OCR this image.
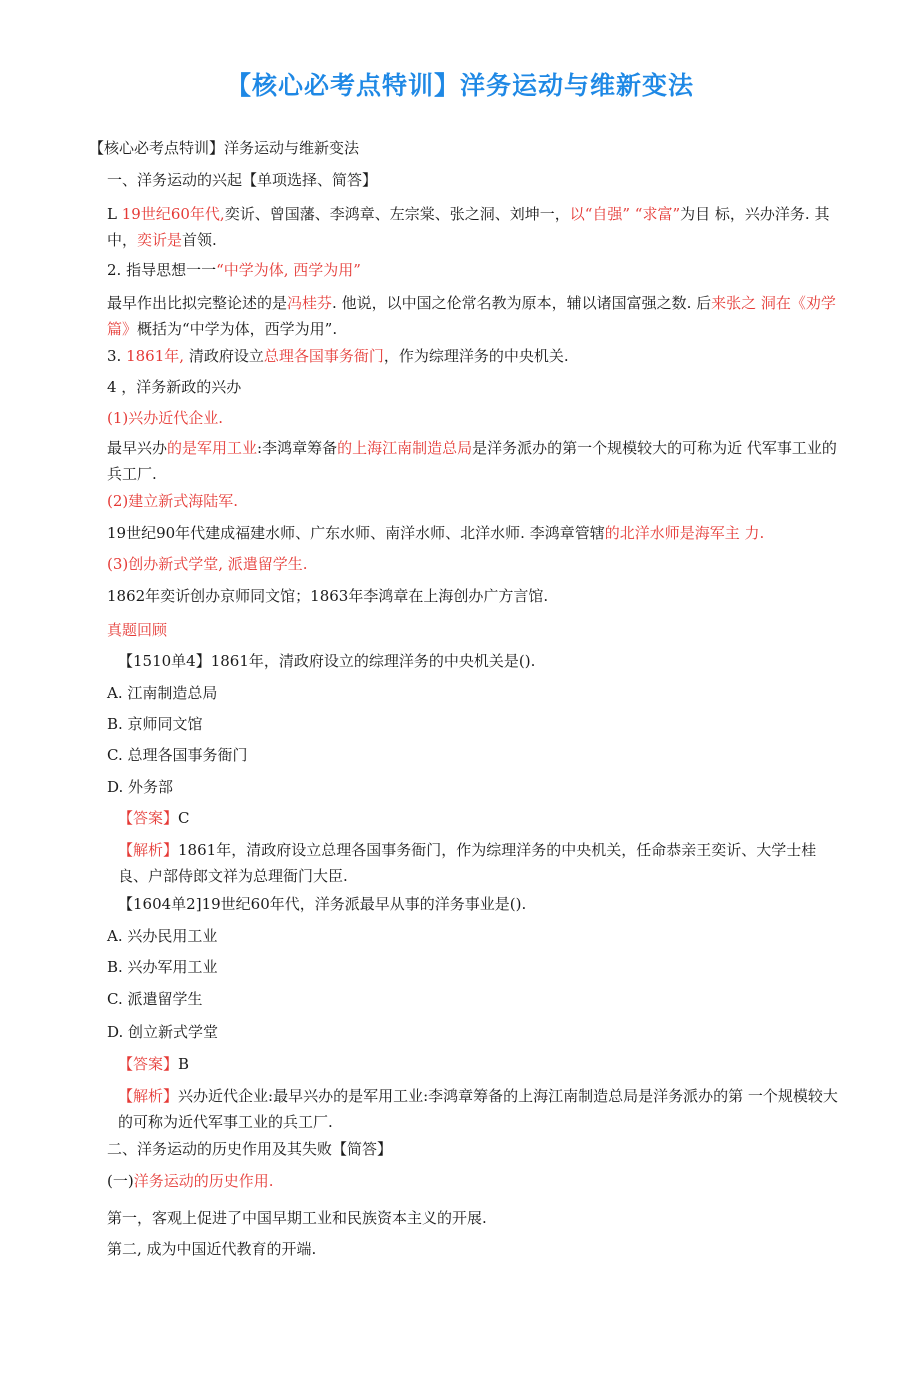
【核心必考点特训】洋务运动与维新变法
【核心必考点特训】洋务运动与维新变法
一、洋务运动的兴起【单项选择、简答】
L 19世纪60年代,奕䜣、曾国藩、李鸿章、左宗棠、张之洞、刘坤一，以“自强” “求富”为目 标，兴办洋务. 其中，奕䜣是首领.
2. 指导思想一一“中学为体, 西学为用”
最早作出比拟完整论述的是冯桂芬. 他说，以中国之伦常名教为原本，辅以诸国富强之数. 后来张之 洞在《劝学篇》概括为“中学为体，西学为用”.
3. 1861年, 清政府设立总理各国事务衙门，作为综理洋务的中央机关.
4 ，洋务新政的兴办
(1)兴办近代企业.
最早兴办的是军用工业:李鸿章筹备的上海江南制造总局是洋务派办的第一个规模较大的可称为近 代军事工业的兵工厂.
(2)建立新式海陆军.
19世纪90年代建成福建水师、广东水师、南洋水师、北洋水师. 李鸿章管辖的北洋水师是海军主 力.
(3)创办新式学堂, 派遣留学生.
1862年奕䜣创办京师同文馆；1863年李鸿章在上海创办广方言馆.
真题回顾
【1510单4】1861年，清政府设立的综理洋务的中央机关是().
A. 江南制造总局
B. 京师同文馆
C. 总理各国事务衙门
D. 外务部
【答案】C
【解析】1861年，清政府设立总理各国事务衙门，作为综理洋务的中央机关，任命恭亲王奕䜣、大学士桂良、户部侍郎文祥为总理衙门大臣.
【1604单2]19世纪60年代，洋务派最早从事的洋务事业是().
A. 兴办民用工业
B. 兴办军用工业
C. 派遣留学生
D. 创立新式学堂
【答案】B
【解析】兴办近代企业:最早兴办的是军用工业:李鸿章筹备的上海江南制造总局是洋务派办的第 一个规模较大的可称为近代军事工业的兵工厂.
二、洋务运动的历史作用及其失败【简答】
(一)洋务运动的历史作用.
第一，客观上促进了中国早期工业和民族资本主义的开展.
第二, 成为中国近代教育的开端.
